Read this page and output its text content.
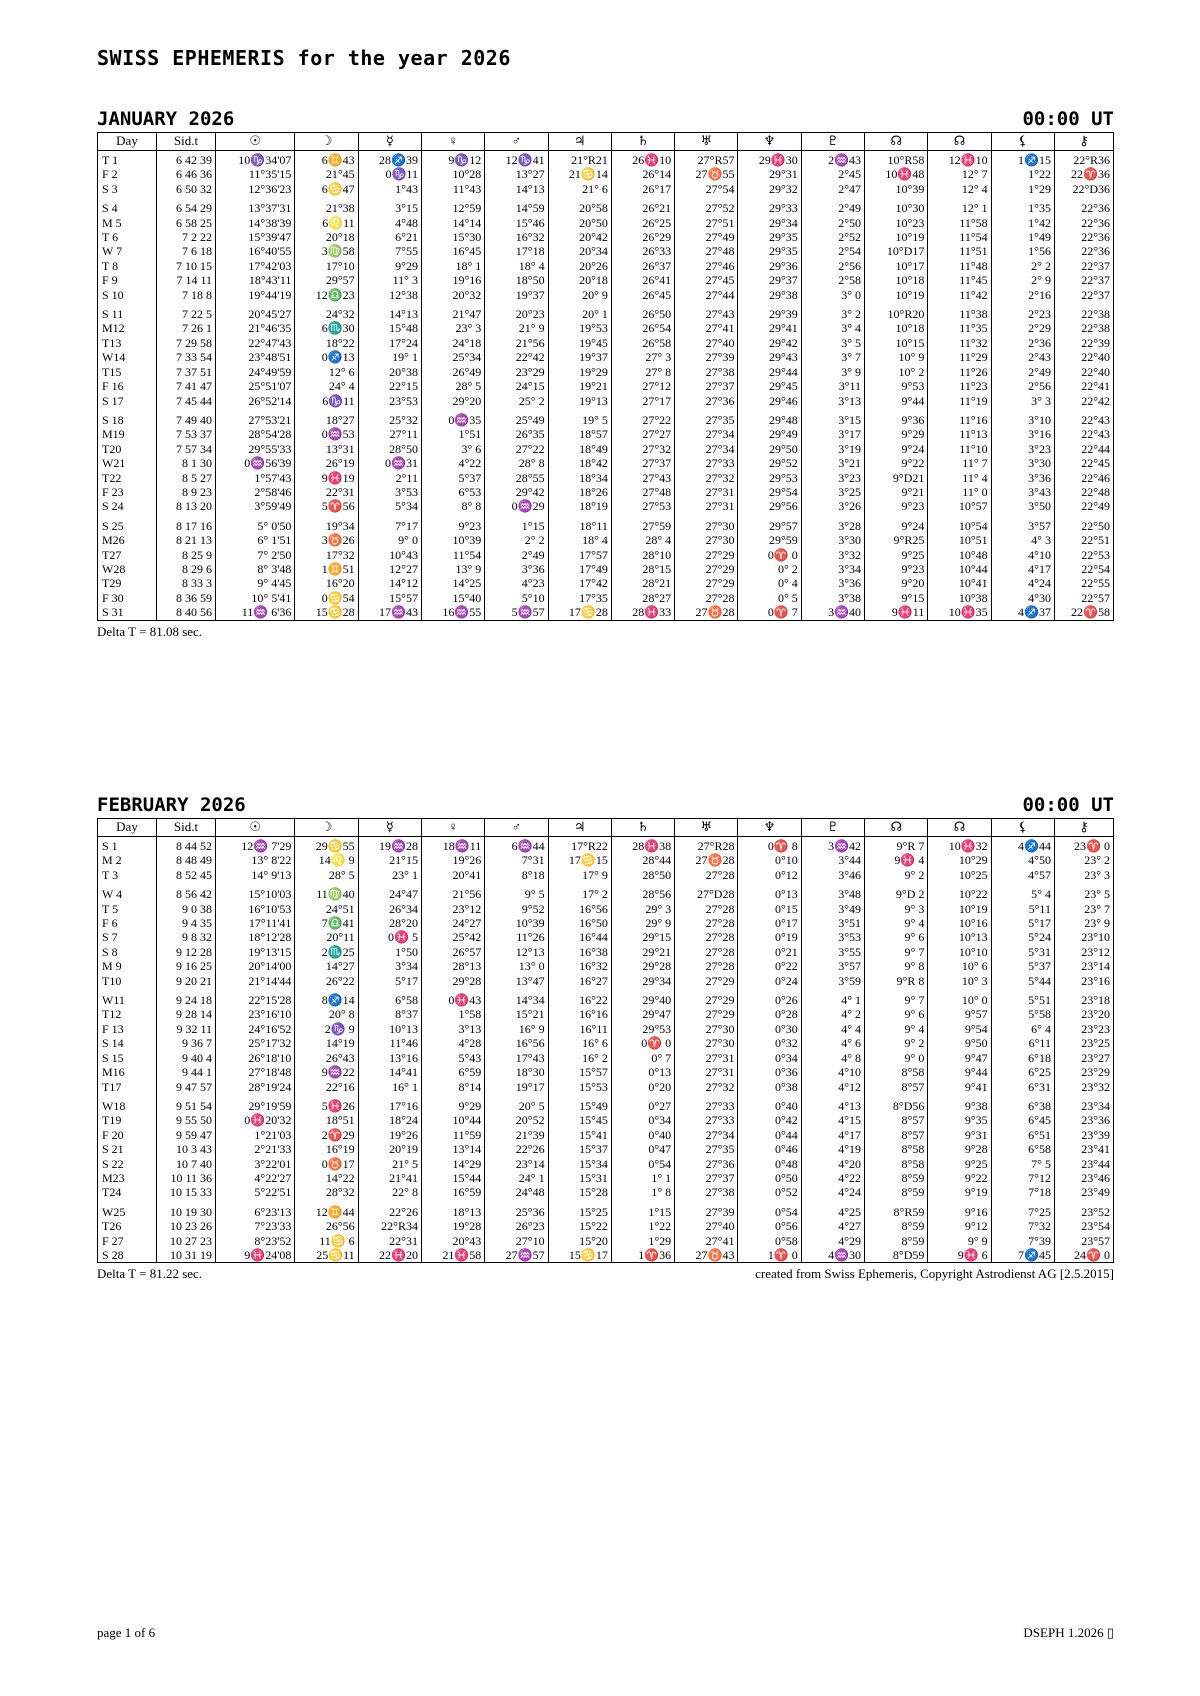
SWISS EPHEMERIS for the year 2026
JANUARY 2026	00:00 UT
Day	Sid.t	☉	☽	☿	♀	♂	♃	♄	♅	♆	♇	☊	☊	⚸	⚷
T 1	6 42 39	10♑34'07	6♊43	28♐39	9♑12	12♑41	21°R21	26♓10	27°R57	29♓30	2♒43	10°R58	12♓10	1♐15	22°R36
F 2	6 46 36	11°35'15	21°45	0♑11	10°28	13°27	21♋14	26°14	27♉55	29°31	2°45	10♓48	12° 7	1°22	22♈36
S 3	6 50 32	12°36'23	6♋47	1°43	11°43	14°13	21° 6	26°17	27°54	29°32	2°47	10°39	12° 4	1°29	22°D36
S 4	6 54 29	13°37'31	21°38	3°15	12°59	14°59	20°58	26°21	27°52	29°33	2°49	10°30	12° 1	1°35	22°36
M 5	6 58 25	14°38'39	6♌11	4°48	14°14	15°46	20°50	26°25	27°51	29°34	2°50	10°23	11°58	1°42	22°36
T 6	7 2 22	15°39'47	20°18	6°21	15°30	16°32	20°42	26°29	27°49	29°35	2°52	10°19	11°54	1°49	22°36
W 7	7 6 18	16°40'55	3♍58	7°55	16°45	17°18	20°34	26°33	27°48	29°35	2°54	10°D17	11°51	1°56	22°36
T 8	7 10 15	17°42'03	17°10	9°29	18° 1	18° 4	20°26	26°37	27°46	29°36	2°56	10°17	11°48	2° 2	22°37
F 9	7 14 11	18°43'11	29°57	11° 3	19°16	18°50	20°18	26°41	27°45	29°37	2°58	10°18	11°45	2° 9	22°37
S 10	7 18 8	19°44'19	12♎23	12°38	20°32	19°37	20° 9	26°45	27°44	29°38	3° 0	10°19	11°42	2°16	22°37
S 11	7 22 5	20°45'27	24°32	14°13	21°47	20°23	20° 1	26°50	27°43	29°39	3° 2	10°R20	11°38	2°23	22°38
M12	7 26 1	21°46'35	6♏30	15°48	23° 3	21° 9	19°53	26°54	27°41	29°41	3° 4	10°18	11°35	2°29	22°38
T13	7 29 58	22°47'43	18°22	17°24	24°18	21°56	19°45	26°58	27°40	29°42	3° 5	10°15	11°32	2°36	22°39
W14	7 33 54	23°48'51	0♐13	19° 1	25°34	22°42	19°37	27° 3	27°39	29°43	3° 7	10° 9	11°29	2°43	22°40
T15	7 37 51	24°49'59	12° 6	20°38	26°49	23°29	19°29	27° 8	27°38	29°44	3° 9	10° 2	11°26	2°49	22°40
F 16	7 41 47	25°51'07	24° 4	22°15	28° 5	24°15	19°21	27°12	27°37	29°45	3°11	9°53	11°23	2°56	22°41
S 17	7 45 44	26°52'14	6♑11	23°53	29°20	25° 2	19°13	27°17	27°36	29°46	3°13	9°44	11°19	3° 3	22°42
S 18	7 49 40	27°53'21	18°27	25°32	0♒35	25°49	19° 5	27°22	27°35	29°48	3°15	9°36	11°16	3°10	22°43
M19	7 53 37	28°54'28	0♒53	27°11	1°51	26°35	18°57	27°27	27°34	29°49	3°17	9°29	11°13	3°16	22°43
T20	7 57 34	29°55'33	13°31	28°50	3° 6	27°22	18°49	27°32	27°34	29°50	3°19	9°24	11°10	3°23	22°44
W21	8 1 30	0♒56'39	26°19	0♒31	4°22	28° 8	18°42	27°37	27°33	29°52	3°21	9°22	11° 7	3°30	22°45
T22	8 5 27	1°57'43	9♓19	2°11	5°37	28°55	18°34	27°43	27°32	29°53	3°23	9°D21	11° 4	3°36	22°46
F 23	8 9 23	2°58'46	22°31	3°53	6°53	29°42	18°26	27°48	27°31	29°54	3°25	9°21	11° 0	3°43	22°48
S 24	8 13 20	3°59'49	5♈56	5°34	8° 8	0♒29	18°19	27°53	27°31	29°56	3°26	9°23	10°57	3°50	22°49
S 25	8 17 16	5° 0'50	19°34	7°17	9°23	1°15	18°11	27°59	27°30	29°57	3°28	9°24	10°54	3°57	22°50
M26	8 21 13	6° 1'51	3♉26	9° 0	10°39	2° 2	18° 4	28° 4	27°30	29°59	3°30	9°R25	10°51	4° 3	22°51
T27	8 25 9	7° 2'50	17°32	10°43	11°54	2°49	17°57	28°10	27°29	0♈ 0	3°32	9°25	10°48	4°10	22°53
W28	8 29 6	8° 3'48	1♊51	12°27	13° 9	3°36	17°49	28°15	27°29	0° 2	3°34	9°23	10°44	4°17	22°54
T29	8 33 3	9° 4'45	16°20	14°12	14°25	4°23	17°42	28°21	27°29	0° 4	3°36	9°20	10°41	4°24	22°55
F 30	8 36 59	10° 5'41	0♋54	15°57	15°40	5°10	17°35	28°27	27°28	0° 5	3°38	9°15	10°38	4°30	22°57
S 31	8 40 56	11♒ 6'36	15♋28	17♒43	16♒55	5♒57	17♋28	28♓33	27♉28	0♈ 7	3♒40	9♓11	10♓35	4♐37	22♈58
Delta T = 81.08 sec.
FEBRUARY 2026	00:00 UT
Day	Sid.t	☉	☽	☿	♀	♂	♃	♄	♅	♆	♇	☊	☊	⚸	⚷
S 1	8 44 52	12♒ 7'29	29♋55	19♒28	18♒11	6♒44	17°R22	28♓38	27°R28	0♈ 8	3♒42	9°R 7	10♓32	4♐44	23♈ 0
M 2	8 48 49	13° 8'22	14♌ 9	21°15	19°26	7°31	17♋15	28°44	27♉28	0°10	3°44	9♓ 4	10°29	4°50	23° 2
T 3	8 52 45	14° 9'13	28° 5	23° 1	20°41	8°18	17° 9	28°50	27°28	0°12	3°46	9° 2	10°25	4°57	23° 3
W 4	8 56 42	15°10'03	11♍40	24°47	21°56	9° 5	17° 2	28°56	27°D28	0°13	3°48	9°D 2	10°22	5° 4	23° 5
T 5	9 0 38	16°10'53	24°51	26°34	23°12	9°52	16°56	29° 3	27°28	0°15	3°49	9° 3	10°19	5°11	23° 7
F 6	9 4 35	17°11'41	7♎41	28°20	24°27	10°39	16°50	29° 9	27°28	0°17	3°51	9° 4	10°16	5°17	23° 9
S 7	9 8 32	18°12'28	20°11	0♓ 5	25°42	11°26	16°44	29°15	27°28	0°19	3°53	9° 6	10°13	5°24	23°10
S 8	9 12 28	19°13'15	2♏25	1°50	26°57	12°13	16°38	29°21	27°28	0°21	3°55	9° 7	10°10	5°31	23°12
M 9	9 16 25	20°14'00	14°27	3°34	28°13	13° 0	16°32	29°28	27°28	0°22	3°57	9° 8	10° 6	5°37	23°14
T10	9 20 21	21°14'44	26°22	5°17	29°28	13°47	16°27	29°34	27°29	0°24	3°59	9°R 8	10° 3	5°44	23°16
W11	9 24 18	22°15'28	8♐14	6°58	0♓43	14°34	16°22	29°40	27°29	0°26	4° 1	9° 7	10° 0	5°51	23°18
T12	9 28 14	23°16'10	20° 8	8°37	1°58	15°21	16°16	29°47	27°29	0°28	4° 2	9° 6	9°57	5°58	23°20
F 13	9 32 11	24°16'52	2♑ 9	10°13	3°13	16° 9	16°11	29°53	27°30	0°30	4° 4	9° 4	9°54	6° 4	23°23
S 14	9 36 7	25°17'32	14°19	11°46	4°28	16°56	16° 6	0♈ 0	27°30	0°32	4° 6	9° 2	9°50	6°11	23°25
S 15	9 40 4	26°18'10	26°43	13°16	5°43	17°43	16° 2	0° 7	27°31	0°34	4° 8	9° 0	9°47	6°18	23°27
M16	9 44 1	27°18'48	9♒22	14°41	6°59	18°30	15°57	0°13	27°31	0°36	4°10	8°58	9°44	6°25	23°29
T17	9 47 57	28°19'24	22°16	16° 1	8°14	19°17	15°53	0°20	27°32	0°38	4°12	8°57	9°41	6°31	23°32
W18	9 51 54	29°19'59	5♓26	17°16	9°29	20° 5	15°49	0°27	27°33	0°40	4°13	8°D56	9°38	6°38	23°34
T19	9 55 50	0♓20'32	18°51	18°24	10°44	20°52	15°45	0°34	27°33	0°42	4°15	8°57	9°35	6°45	23°36
F 20	9 59 47	1°21'03	2♈29	19°26	11°59	21°39	15°41	0°40	27°34	0°44	4°17	8°57	9°31	6°51	23°39
S 21	10 3 43	2°21'33	16°19	20°19	13°14	22°26	15°37	0°47	27°35	0°46	4°19	8°58	9°28	6°58	23°41
S 22	10 7 40	3°22'01	0♉17	21° 5	14°29	23°14	15°34	0°54	27°36	0°48	4°20	8°58	9°25	7° 5	23°44
M23	10 11 36	4°22'27	14°22	21°41	15°44	24° 1	15°31	1° 1	27°37	0°50	4°22	8°59	9°22	7°12	23°46
T24	10 15 33	5°22'51	28°32	22° 8	16°59	24°48	15°28	1° 8	27°38	0°52	4°24	8°59	9°19	7°18	23°49
W25	10 19 30	6°23'13	12♊44	22°26	18°13	25°36	15°25	1°15	27°39	0°54	4°25	8°R59	9°16	7°25	23°52
T26	10 23 26	7°23'33	26°56	22°R34	19°28	26°23	15°22	1°22	27°40	0°56	4°27	8°59	9°12	7°32	23°54
F 27	10 27 23	8°23'52	11♋ 6	22°31	20°43	27°10	15°20	1°29	27°41	0°58	4°29	8°59	9° 9	7°39	23°57
S 28	10 31 19	9♓24'08	25♋11	22♓20	21♓58	27♒57	15♋17	1♈36	27♉43	1♈ 0	4♒30	8°D59	9♓ 6	7♐45	24♈ 0
Delta T = 81.22 sec.	created from Swiss Ephemeris, Copyright Astrodienst AG [2.5.2015]
page 1 of 6	DSEPH 1.2026 ▯
